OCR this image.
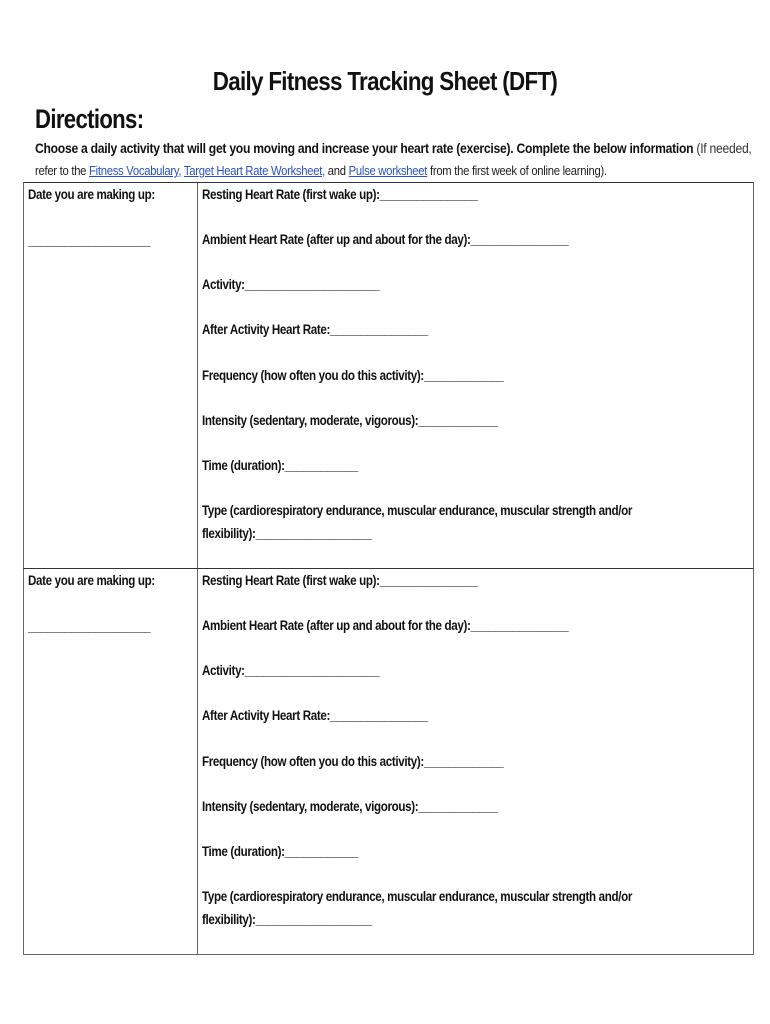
Daily Fitness Tracking Sheet (DFT)
Directions:
Choose a daily activity that will get you moving and increase your heart rate (exercise). Complete the below information (If needed,
refer to the Fitness Vocabulary, Target Heart Rate Worksheet, and Pulse worksheet from the first week of online learning).
Date you are making up:
____________________
Resting Heart Rate (first wake up):________________
Ambient Heart Rate (after up and about for the day):________________
Activity:______________________
After Activity Heart Rate:________________
Frequency (how often you do this activity):_____________
Intensity (sedentary, moderate, vigorous):_____________
Time (duration):____________
Type (cardiorespiratory endurance, muscular endurance, muscular strength and/or
flexibility):___________________
Date you are making up:
____________________
Resting Heart Rate (first wake up):________________
Ambient Heart Rate (after up and about for the day):________________
Activity:______________________
After Activity Heart Rate:________________
Frequency (how often you do this activity):_____________
Intensity (sedentary, moderate, vigorous):_____________
Time (duration):____________
Type (cardiorespiratory endurance, muscular endurance, muscular strength and/or
flexibility):___________________
